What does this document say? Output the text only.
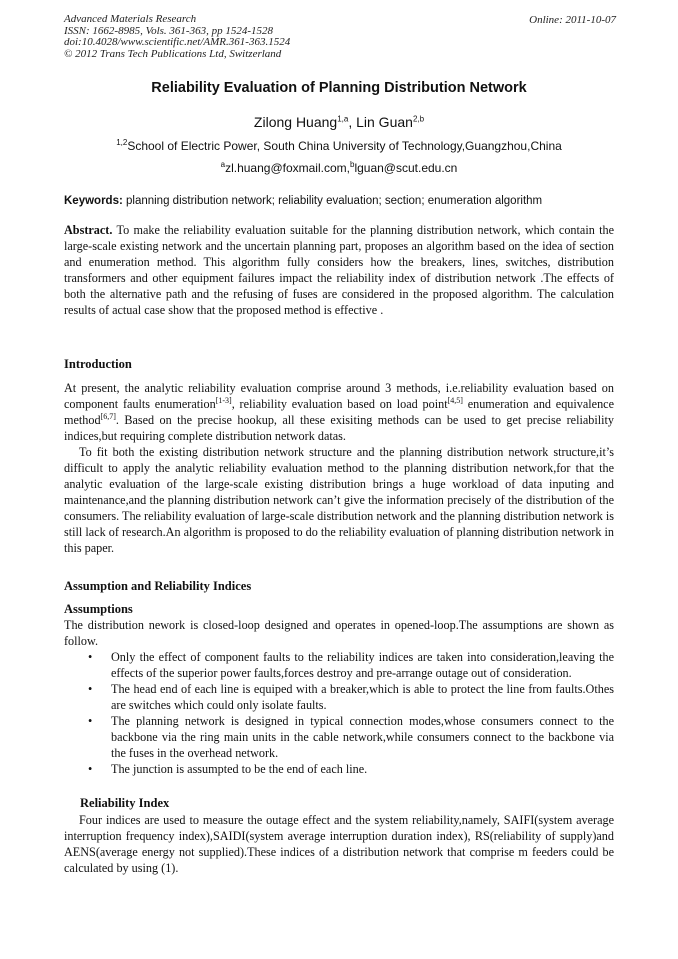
Advanced Materials Research
ISSN: 1662-8985, Vols. 361-363, pp 1524-1528
doi:10.4028/www.scientific.net/AMR.361-363.1524
© 2012 Trans Tech Publications Ltd, Switzerland
Online: 2011-10-07
Reliability Evaluation of Planning Distribution Network
Zilong Huang$^{1,a}$, Lin Guan$^{2,b}$
$^{1,2}$School of Electric Power, South China University of Technology,Guangzhou,China
$^a$zl.huang@foxmail.com,$^b$lguan@scut.edu.cn
Keywords: planning distribution network; reliability evaluation; section; enumeration algorithm
Abstract. To make the reliability evaluation suitable for the planning distribution network, which contain the large-scale existing network and the uncertain planning part, proposes an algorithm based on the idea of section and enumeration method. This algorithm fully considers how the breakers, lines, switches, distribution transformers and other equipment failures impact the reliability index of distribution network .The effects of both the alternative path and the refusing of fuses are considered in the proposed algorithm. The calculation results of actual case show that the proposed method is effective .
Introduction

At present, the analytic reliability evaluation comprise around 3 methods, i.e.reliability evaluation based on component faults enumeration[1-3], reliability evaluation based on load point[4,5] enumeration and equivalence method[6,7]. Based on the precise hookup, all these exisiting methods can be used to get precise reliability indices,but requiring complete distribution network datas.

To fit both the existing distribution network structure and the planning distribution network structure,it’s difficult to apply the analytic reliability evaluation method to the planning distribution network,for that the analytic evaluation of the large-scale existing distribution brings a huge workload of data inputing and maintenance,and the planning distribution network can’t give the information precisely of the distribution of the consumers. The reliability evaluation of large-scale distribution network and the planning distribution network is still lack of research.An algorithm is proposed to do the reliability evaluation of planning distribution network in this paper.

Assumption and Reliability Indices
Assumptions

The distribution nework is closed-loop designed and operates in opened-loop.The assumptions are shown as follow.

• Only the effect of component faults to the reliability indices are taken into consideration,leaving the effects of the superior power faults,forces destroy and pre-arrange outage out of consideration.
• The head end of each line is equiped with a breaker,which is able to protect the line from faults.Othes are switches which could only isolate faults.
• The planning network is designed in typical connection modes,whose consumers connect to the backbone via the ring main units in the cable network,while consumers connect to the backbone via the fuses in the overhead network.
• The junction is assumpted to be the end of each line.
Reliability Index

Four indices are used to measure the outage effect and the system reliability,namely, SAIFI(system average interruption frequency index),SAIDI(system average interruption duration index), RS(reliability of supply)and AENS(average energy not supplied).These indices of a distribution network that comprise m feeders could be calculated by using (1).
